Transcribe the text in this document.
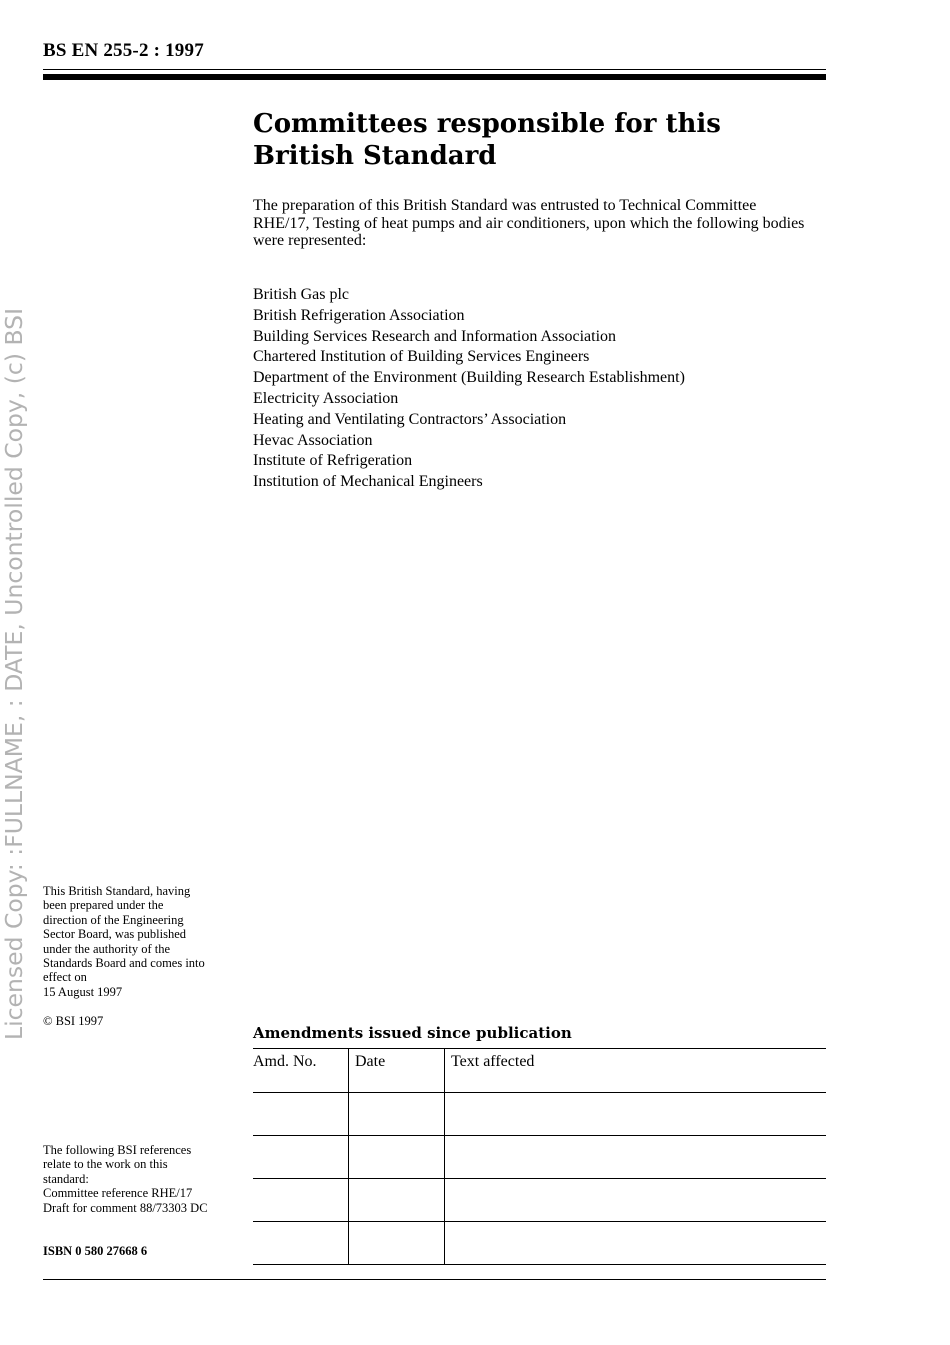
BS EN 255-2 : 1997
Committees responsible for this
British Standard

The preparation of this British Standard was entrusted to Technical Committee RHE/17, Testing of heat pumps and air conditioners, upon which the following bodies were represented:

British Gas plc
British Refrigeration Association
Building Services Research and Information Association
Chartered Institution of Building Services Engineers
Department of the Environment (Building Research Establishment)
Electricity Association
Heating and Ventilating Contractors’ Association
Hevac Association
Institute of Refrigeration
Institution of Mechanical Engineers
Licensed Copy: :FULLNAME, : DATE, Uncontrolled Copy, (c) BSI This British Standard, having
been prepared under the
direction of the Engineering
Sector Board, was published
under the authority of the
Standards Board and comes into
effect on
15 August 1997

© BSI 1997

The following BSI references
relate to the work on this
standard:
Committee reference RHE/17
Draft for comment 88/73303 DC

ISBN 0 580 27668 6
Amendments issued since publication
Amd. No.	Date	Text affected
